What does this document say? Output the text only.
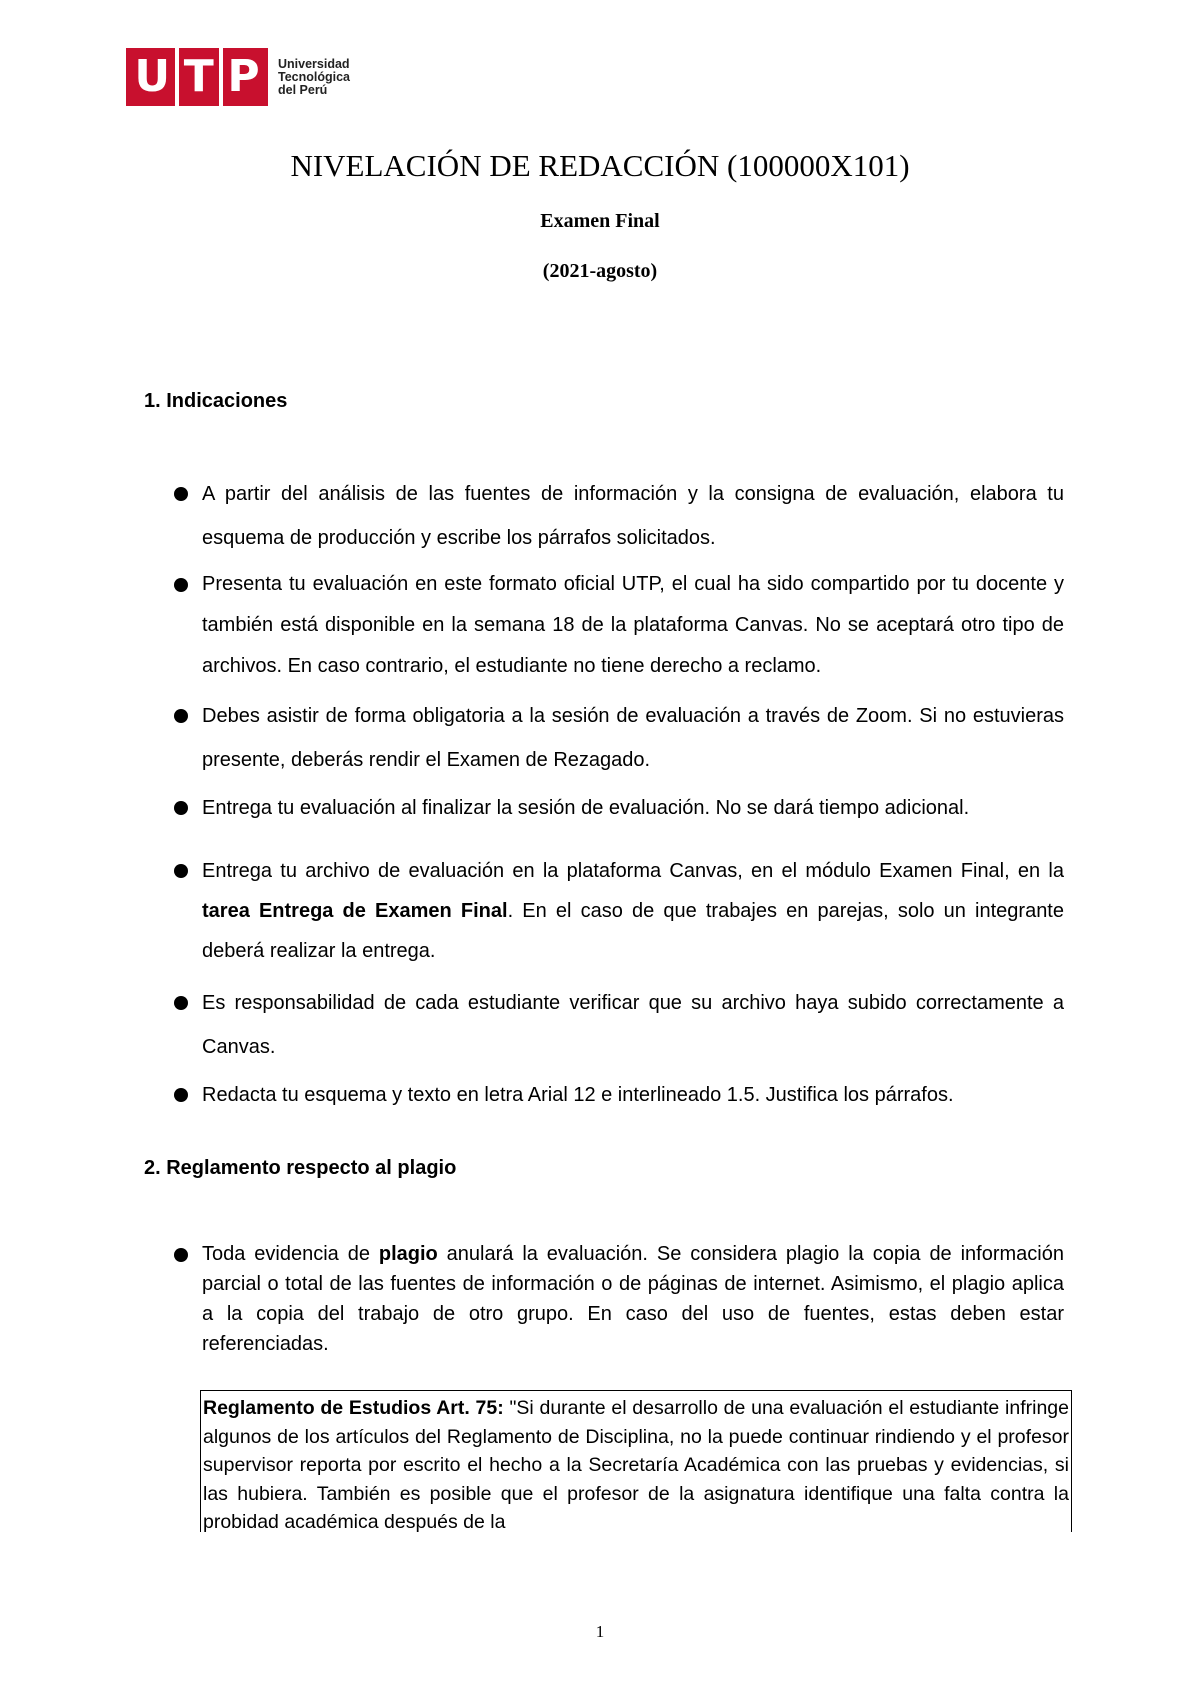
U T P Universidad
Tecnológica
del Perú
NIVELACIÓN DE REDACCIÓN (100000X101)
Examen Final
(2021-agosto)
1. Indicaciones

A partir del análisis de las fuentes de información y la consigna de evaluación, elabora tu esquema de producción y escribe los párrafos solicitados.

Presenta tu evaluación en este formato oficial UTP, el cual ha sido compartido por tu docente y también está disponible en la semana 18 de la plataforma Canvas. No se aceptará otro tipo de archivos. En caso contrario, el estudiante no tiene derecho a reclamo.

Debes asistir de forma obligatoria a la sesión de evaluación a través de Zoom. Si no estuvieras presente, deberás rendir el Examen de Rezagado.

Entrega tu evaluación al finalizar la sesión de evaluación. No se dará tiempo adicional.

Entrega tu archivo de evaluación en la plataforma Canvas, en el módulo Examen Final, en la tarea Entrega de Examen Final. En el caso de que trabajes en parejas, solo un integrante deberá realizar la entrega.

Es responsabilidad de cada estudiante verificar que su archivo haya subido correctamente a Canvas.

Redacta tu esquema y texto en letra Arial 12 e interlineado 1.5. Justifica los párrafos.

2. Reglamento respecto al plagio

Toda evidencia de plagio anulará la evaluación. Se considera plagio la copia de información parcial o total de las fuentes de información o de páginas de internet. Asimismo, el plagio aplica a la copia del trabajo de otro grupo. En caso del uso de fuentes, estas deben estar referenciadas.

Reglamento de Estudios Art. 75: "Si durante el desarrollo de una evaluación el estudiante infringe algunos de los artículos del Reglamento de Disciplina, no la puede continuar rindiendo y el profesor supervisor reporta por escrito el hecho a la Secretaría Académica con las pruebas y evidencias, si las hubiera. También es posible que el profesor de la asignatura identifique una falta contra la probidad académica después de la
1
